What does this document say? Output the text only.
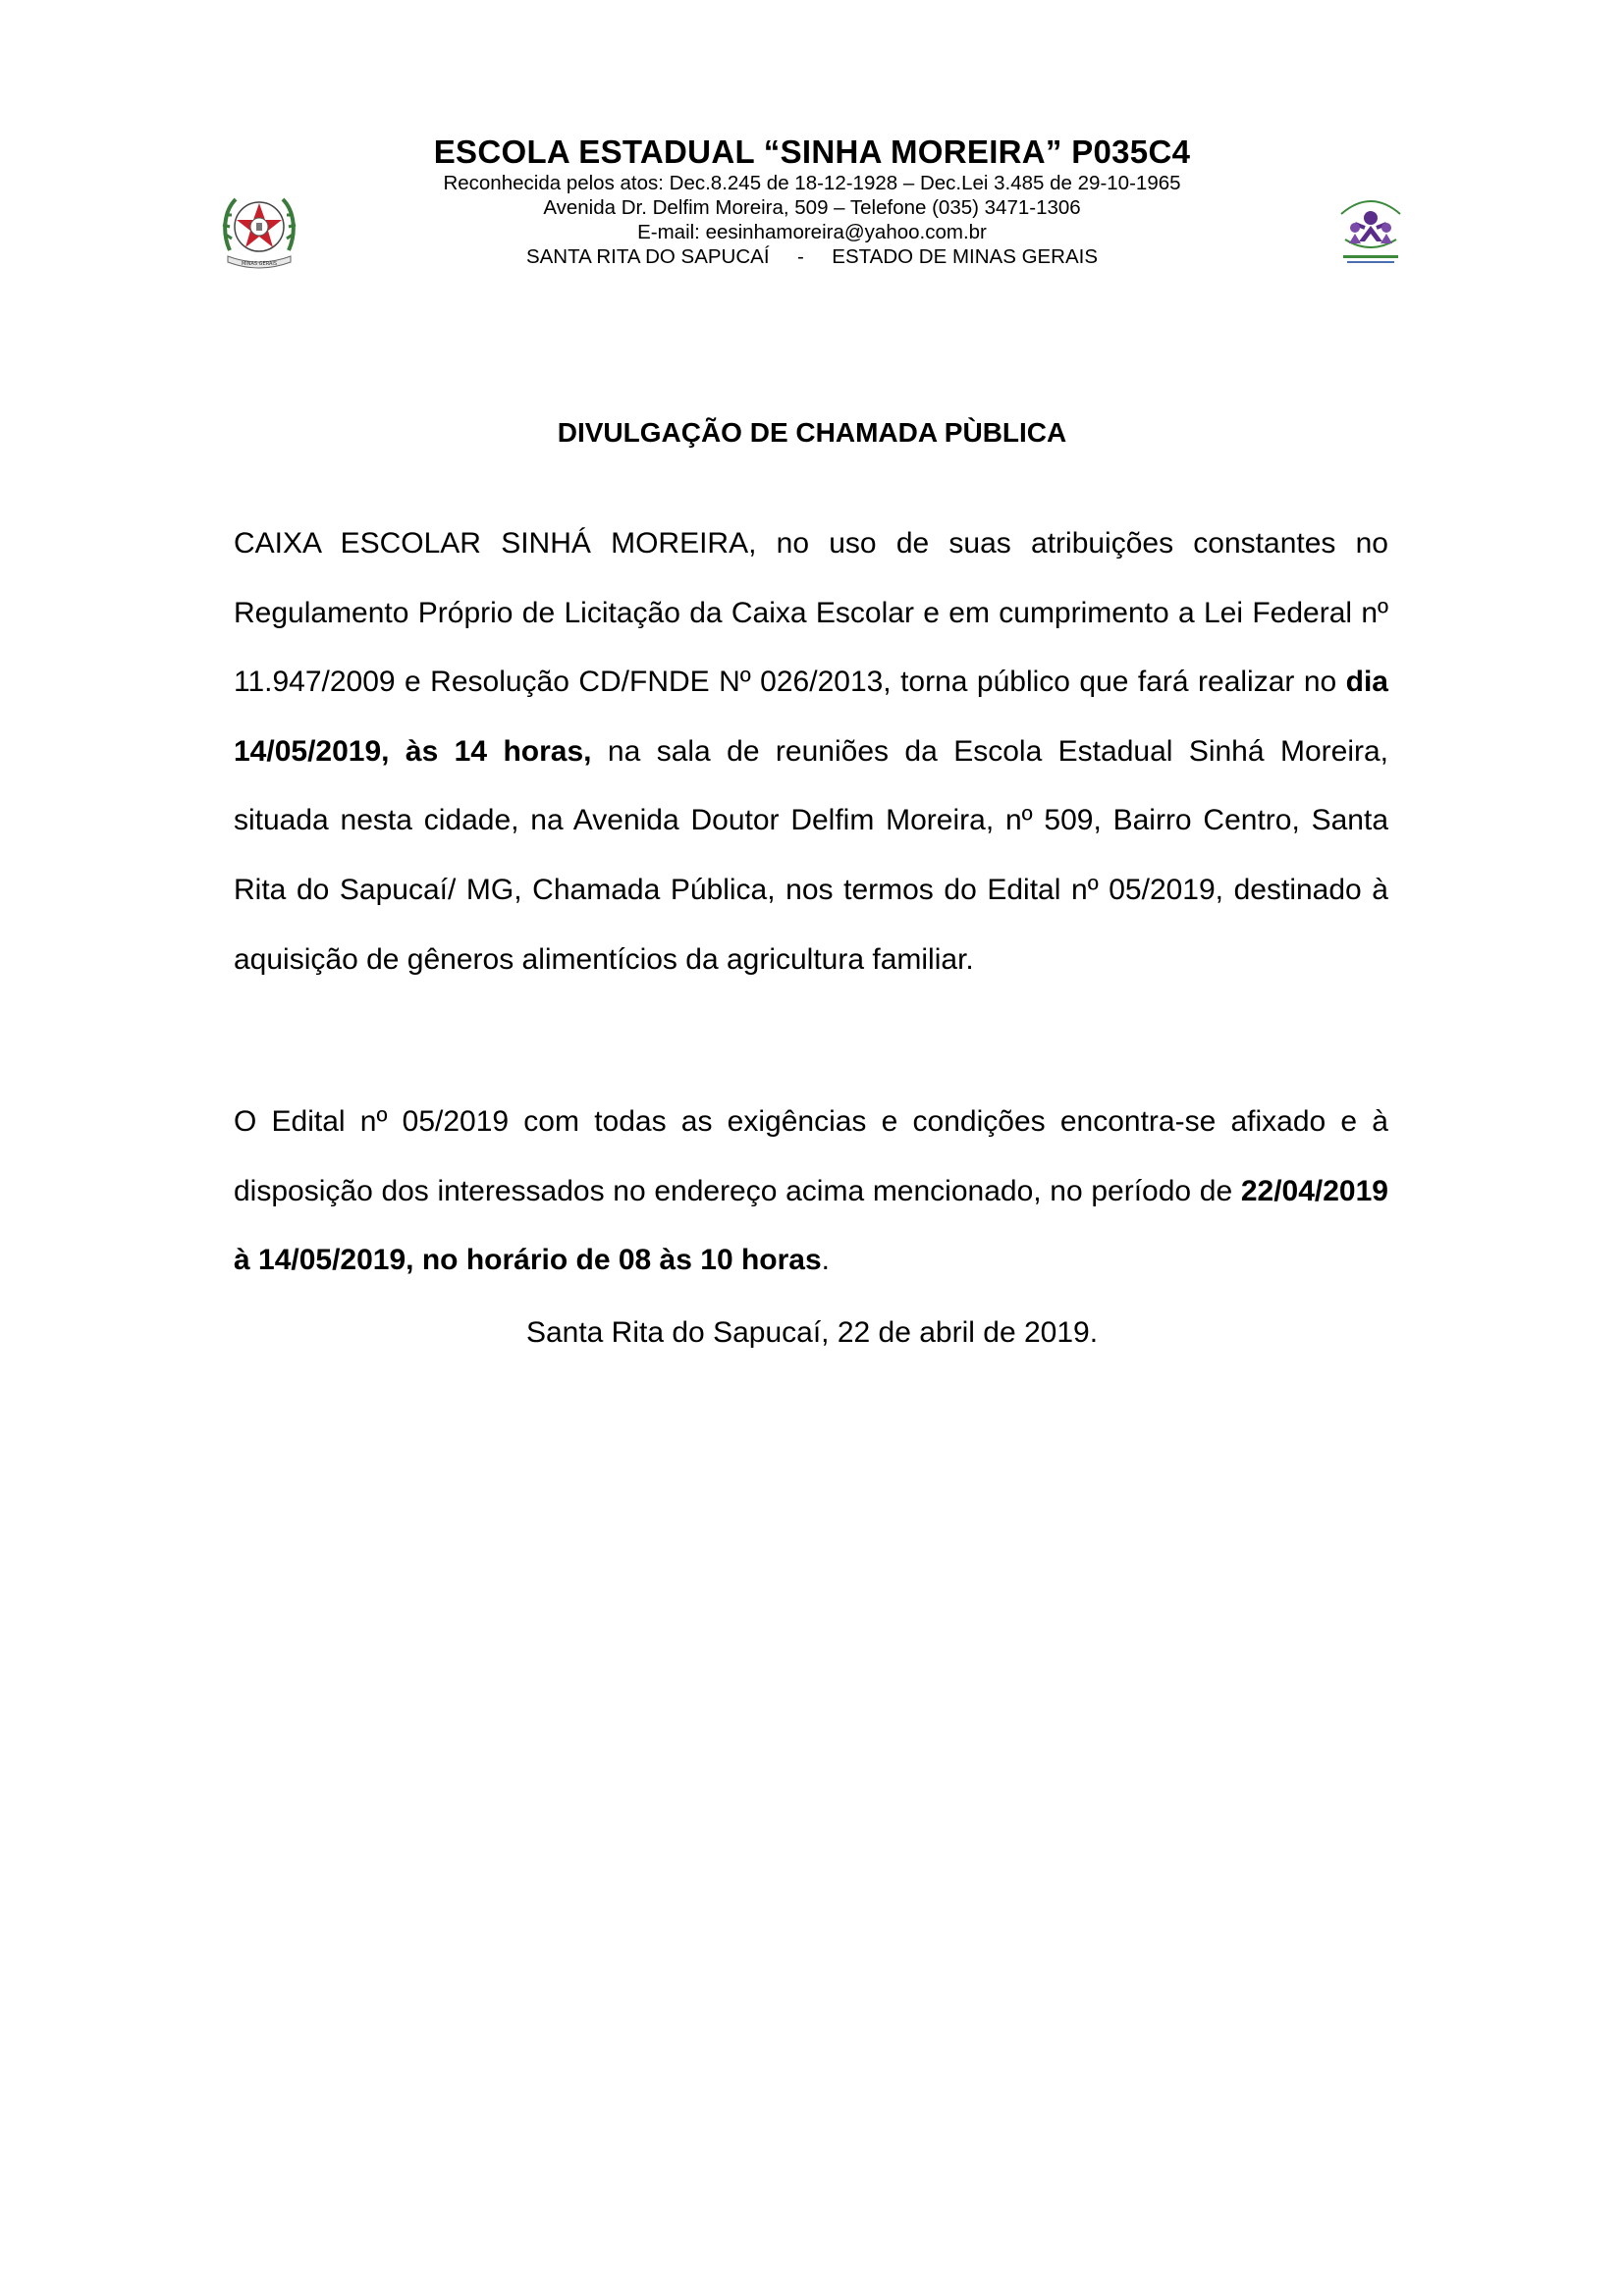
MINAS GERAIS
ESCOLA ESTADUAL “SINHA MOREIRA” P035C4
Reconhecida pelos atos: Dec.8.245 de 18-12-1928 – Dec.Lei 3.485 de 29-10-1965
Avenida Dr. Delfim Moreira, 509 – Telefone (035) 3471-1306
E-mail: eesinhamoreira@yahoo.com.br
SANTA RITA DO SAPUCAÍ     -     ESTADO DE MINAS GERAIS
DIVULGAÇÃO DE CHAMADA PÙBLICA

CAIXA ESCOLAR SINHÁ MOREIRA, no uso de suas atribuições constantes no Regulamento Próprio de Licitação da Caixa Escolar e em cumprimento a Lei Federal nº 11.947/2009 e Resolução CD/FNDE Nº 026/2013, torna público que fará realizar no dia 14/05/2019, às 14 horas, na sala de reuniões da Escola Estadual Sinhá Moreira, situada nesta cidade, na Avenida Doutor Delfim Moreira, nº 509, Bairro Centro, Santa Rita do Sapucaí/ MG, Chamada Pública, nos termos do Edital nº 05/2019, destinado à aquisição de gêneros alimentícios da agricultura familiar.

O Edital nº 05/2019 com todas as exigências e condições encontra-se afixado e à disposição dos interessados no endereço acima mencionado, no período de 22/04/2019 à 14/05/2019, no horário de 08 às 10 horas.

Santa Rita do Sapucaí, 22 de abril de 2019.
